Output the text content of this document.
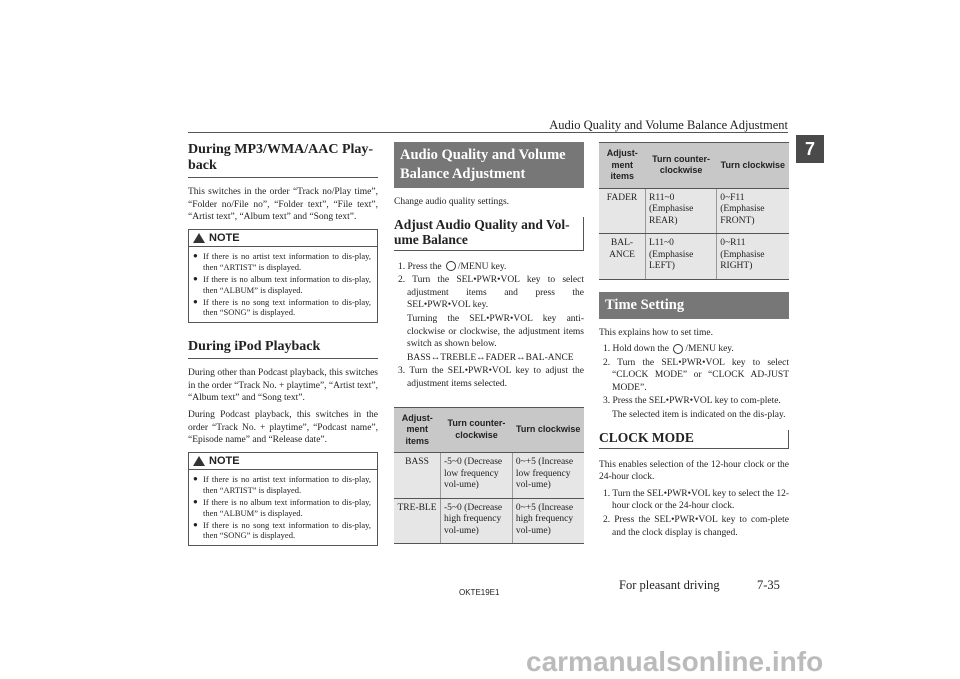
Audio Quality and Volume Balance Adjustment
7
During MP3/WMA/AAC Play-back

This switches in the order “Track no/Play time”, “Folder no/File no”, “Folder text”, “File text”, “Artist text”, “Album text” and “Song text”.

NOTE
● If there is no artist text information to dis-play, then “ARTIST” is displayed.
● If there is no album text information to dis-play, then “ALBUM” is displayed.
● If there is no song text information to dis-play, then “SONG” is displayed.
During iPod Playback

During other than Podcast playback, this switches in the order “Track No. + playtime”, “Artist text”, “Album text” and “Song text”.

During Podcast playback, this switches in the order “Track No. + playtime”, “Podcast name”, “Episode name” and “Release date”.

NOTE
● If there is no artist text information to dis-play, then “ARTIST” is displayed.
● If there is no album text information to dis-play, then “ALBUM” is displayed.
● If there is no song text information to dis-play, then “SONG” is displayed.
Audio Quality and Volume Balance Adjustment

Change audio quality settings.

Adjust Audio Quality and Vol-ume Balance
1. Press the /MENU key.
2. Turn the SEL•PWR•VOL key to select adjustment items and press the SEL•PWR•VOL key.
Turning the SEL•PWR•VOL key anti-clockwise or clockwise, the adjustment items switch as shown below.
BASS↔TREBLE↔FADER↔BAL-ANCE
3. Turn the SEL•PWR•VOL key to adjust the adjustment items selected.
Adjust-ment items	Turn counter-clockwise	Turn clockwise
BASS	-5~0 (Decrease low frequency vol-ume)	0~+5 (Increase low frequency vol-ume)
TRE-BLE	-5~0 (Decrease high frequency vol-ume)	0~+5 (Increase high frequency vol-ume)
Adjust-ment items	Turn counter-clockwise	Turn clockwise
FADER	R11~0 (Emphasise REAR)	0~F11 (Emphasise FRONT)
BAL-ANCE	L11~0 (Emphasise LEFT)	0~R11 (Emphasise RIGHT)
Time Setting

This explains how to set time.

1. Hold down the /MENU key.
2. Turn the SEL•PWR•VOL key to select “CLOCK MODE” or “CLOCK AD-JUST MODE”.
3. Press the SEL•PWR•VOL key to com-plete.
The selected item is indicated on the dis-play.
CLOCK MODE

This enables selection of the 12-hour clock or the 24-hour clock.

1. Turn the SEL•PWR•VOL key to select the 12-hour clock or the 24-hour clock.
2. Press the SEL•PWR•VOL key to com-plete and the clock display is changed.
OKTE19E1
For pleasant driving	7-35
carmanualsonline.info
